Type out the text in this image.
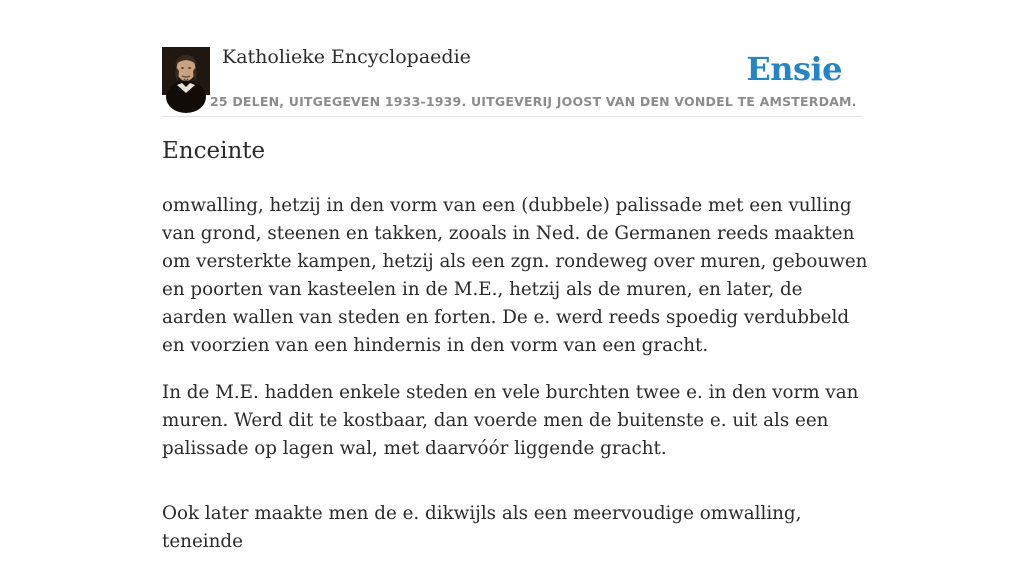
Katholieke Encyclopaedie	Ensie
25 DELEN, UITGEGEVEN 1933-1939. UITGEVERIJ JOOST VAN DEN VONDEL TE AMSTERDAM.
Enceinte

omwalling, hetzij in den vorm van een (dubbele) palissade met een vulling van grond, steenen en takken, zooals in Ned. de Germanen reeds maakten om versterkte kampen, hetzij als een zgn. rondeweg over muren, gebouwen en poorten van kasteelen in de M.E., hetzij als de muren, en later, de aarden wallen van steden en forten. De e. werd reeds spoedig verdubbeld en voorzien van een hindernis in den vorm van een gracht.

In de M.E. hadden enkele steden en vele burchten twee e. in den vorm van muren. Werd dit te kostbaar, dan voerde men de buitenste e. uit als een palissade op lagen wal, met daarvóór liggende gracht.

Ook later maakte men de e. dikwijls als een meervoudige omwalling, teneinde
